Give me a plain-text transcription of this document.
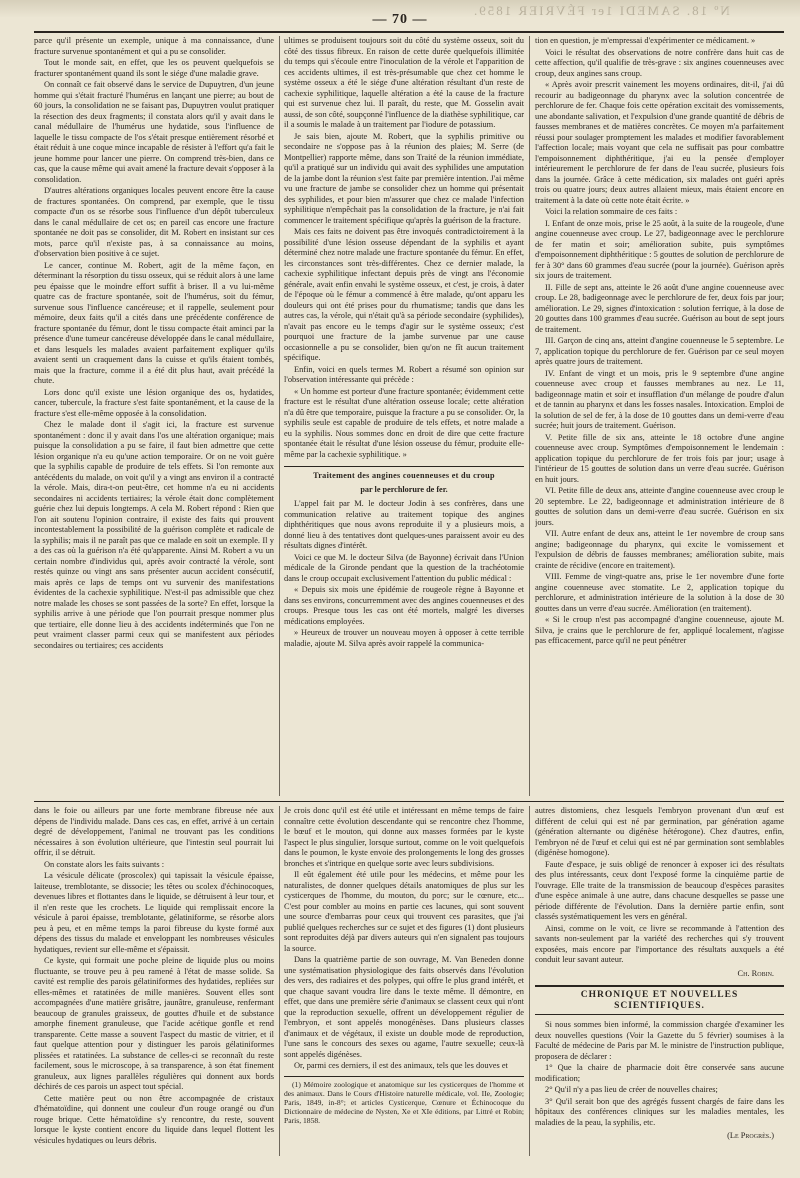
Nº 18. SAMEDI 1er FÉVRIER 1859.
— 70 —

parce qu'il présente un exemple, unique à ma connaissance, d'une fracture survenue spontanément et qui a pu se consolider.

Tout le monde sait, en effet, que les os peuvent quelquefois se fracturer spontanément quand ils sont le siége d'une maladie grave.

On connaît ce fait observé dans le service de Dupuytren, d'un jeune homme qui s'était fracturé l'humérus en lançant une pierre; au bout de 60 jours, la consolidation ne se faisant pas, Dupuytren voulut pratiquer la résection des deux fragments; il constata alors qu'il y avait dans le canal médullaire de l'humérus une hydatide, sous l'influence de laquelle le tissu compacte de l'os s'était presque entièrement résorbé et était réduit à une coque mince incapable de résister à l'effort qu'a fait le jeune homme pour lancer une pierre. On comprend très-bien, dans ce cas, que la cause même qui avait amené la fracture devait s'opposer à la consolidation.

D'autres altérations organiques locales peuvent encore être la cause de fractures spontanées. On comprend, par exemple, que le tissu compacte d'un os se résorbe sous l'influence d'un dépôt tuberculeux dans le canal médullaire de cet os; en pareil cas encore une fracture spontanée ne doit pas se consolider, dit M. Robert en insistant sur ces mots, parce qu'il n'existe pas, à sa connaissance au moins, d'observation bien positive à ce sujet.

Le cancer, continue M. Robert, agit de la même façon, en déterminant la résorption du tissu osseux, qui se réduit alors à une lame peu épaisse que le moindre effort suffit à briser. Il a vu lui-même quatre cas de fracture spontanée, soit de l'humérus, soit du fémur, survenue sous l'influence cancéreuse; et il rappelle, seulement pour mémoire, deux faits qu'il a cités dans une précédente conférence de fracture spontanée du fémur, dont le tissu compacte était aminci par la présence d'une tumeur cancéreuse développée dans le canal médullaire, et dans lesquels les malades avaient parfaitement expliquer qu'ils avaient senti un craquement dans la cuisse et qu'ils étaient tombés, mais que la fracture, comme il a été dit plus haut, avait précédé la chute.

Lors donc qu'il existe une lésion organique des os, hydatides, cancer, tubercule, la fracture s'est faite spontanément, et la cause de la fracture s'est elle-même opposée à la consolidation.

Chez le malade dont il s'agit ici, la fracture est survenue spontanément : donc il y avait dans l'os une altération organique; mais puisque la consolidation a pu se faire, il faut bien admettre que cette lésion organique n'a eu qu'une action temporaire. Or on ne voit guère que la syphilis capable de produire de tels effets. Si l'on remonte aux antécédents du malade, on voit qu'il y a vingt ans environ il a contracté la vérole. Mais, dira-t-on peut-être, cet homme n'a eu ni accidents secondaires ni accidents tertiaires; la vérole était donc complètement guérie chez lui depuis longtemps. A cela M. Robert répond : Rien que l'on ait soutenu l'opinion contraire, il existe des faits qui prouvent incontestablement la possibilité de la guérison complète et radicale de la syphilis; mais il ne paraît pas que ce malade en soit un exemple. Il y a des cas où la guérison n'a été qu'apparente. Ainsi M. Robert a vu un certain nombre d'individus qui, après avoir contracté la vérole, sont restés quinze ou vingt ans sans présenter aucun accident consécutif, mais après ce laps de temps ont vu survenir des manifestations évidentes de la cachexie syphilitique. N'est-il pas admissible que chez notre malade les choses se sont passées de la sorte? En effet, lorsque la syphilis arrive à une période que l'on pourrait presque nommer plus que tertiaire, elle donne lieu à des accidents indéterminés que l'on ne peut vraiment classer parmi ceux qui se manifestent aux périodes secondaires ou tertiaires; ces accidents

ultimes se produisent toujours soit du côté du système osseux, soit du côté des tissus fibreux. En raison de cette durée quelquefois illimitée du temps qui s'écoule entre l'inoculation de la vérole et l'apparition de ces accidents ultimes, il est très-présumable que chez cet homme le système osseux a été le siége d'une altération résultant d'un reste de cachexie syphilitique, laquelle altération a été la cause de la fracture qui est survenue chez lui. Il paraît, du reste, que M. Gosselin avait aussi, de son côté, soupçonné l'influence de la diathèse syphilitique, car il a soumis le malade à un traitement par l'iodure de potassium.

Je sais bien, ajoute M. Robert, que la syphilis primitive ou secondaire ne s'oppose pas à la réunion des plaies; M. Serre (de Montpellier) rapporte même, dans son Traité de la réunion immédiate, qu'il a pratiqué sur un individu qui avait des syphilides une amputation de la jambe dont la réunion s'est faite par première intention. J'ai même vu une fracture de jambe se consolider chez un homme qui présentait des syphilides, et pour bien m'assurer que chez ce malade l'infection syphilitique n'empêchait pas la consolidation de la fracture, je n'ai fait commencer le traitement spécifique qu'après la guérison de la fracture.

Mais ces faits ne doivent pas être invoqués contradictoirement à la possibilité d'une lésion osseuse dépendant de la syphilis et ayant déterminé chez notre malade une fracture spontanée du fémur. En effet, les circonstances sont très-différentes. Chez ce dernier malade, la cachexie syphilitique infectant depuis près de vingt ans l'économie générale, avait enfin envahi le système osseux, et c'est, je crois, à dater de l'époque où le fémur a commencé à être malade, qu'ont apparu les douleurs qui ont été prises pour du rhumatisme; tandis que dans les autres cas, la vérole, qui n'était qu'à sa période secondaire (syphilides), n'avait pas encore eu le temps d'agir sur le système osseux; c'est pourquoi une fracture de la jambe survenue par une cause occasionnelle a pu se consolider, bien qu'on ne fît aucun traitement spécifique.

Enfin, voici en quels termes M. Robert a résumé son opinion sur l'observation intéressante qui précède :

« Un homme est porteur d'une fracture spontanée; évidemment cette fracture est le résultat d'une altération osseuse locale; cette altération n'a dû être que temporaire, puisque la fracture a pu se consolider. Or, la syphilis seule est capable de produire de tels effets, et notre malade a eu la syphilis. Nous sommes donc en droit de dire que cette fracture spontanée était le résultat d'une lésion osseuse du fémur, produite elle-même par la cachexie syphilitique. »

Traitement des angines couenneuses et du croup
par le perchlorure de fer.

L'appel fait par M. le docteur Jodin à ses confrères, dans une communication relative au traitement topique des angines diphthéritiques que nous avons reproduite il y a plusieurs mois, a donné lieu à des tentatives dont quelques-unes paraissent avoir eu des résultats dignes d'intérêt.

Voici ce que M. le docteur Silva (de Bayonne) écrivait dans l'Union médicale de la Gironde pendant que la question de la trachéotomie dans le croup occupait exclusivement l'attention du public médical :

« Depuis six mois une épidémie de rougeole règne à Bayonne et dans ses environs, concurremment avec des angines couenneuses et des croups. Presque tous les cas ont été mortels, malgré les diverses médications employées.

» Heureux de trouver un nouveau moyen à opposer à cette terrible maladie, ajoute M. Silva après avoir rappelé la communica-

tion en question, je m'empressai d'expérimenter ce médicament. »

Voici le résultat des observations de notre confrère dans huit cas de cette affection, qu'il qualifie de très-grave : six angines couenneuses avec croup, deux angines sans croup.

« Après avoir prescrit vainement les moyens ordinaires, dit-il, j'ai dû recourir au badigeonnage du pharynx avec la solution concentrée de perchlorure de fer. Chaque fois cette opération excitait des vomissements, une abondante salivation, et l'expulsion d'une grande quantité de débris de fausses membranes et de matières concrètes. Ce moyen m'a parfaitement réussi pour soulager promptement les malades et modifier favorablement l'affection locale; mais voyant que cela ne suffisait pas pour combattre l'empoisonnement diphthéritique, j'ai eu la pensée d'employer intérieurement le perchlorure de fer dans de l'eau sucrée, plusieurs fois dans la journée. Grâce à cette médication, six malades ont guéri après trois ou quatre jours; deux autres allaient mieux, mais étaient encore en traitement à la date où cette note était écrite. »

Voici la relation sommaire de ces faits :

I. Enfant de onze mois, prise le 25 août, à la suite de la rougeole, d'une angine couenneuse avec croup. Le 27, badigeonnage avec le perchlorure de fer matin et soir; amélioration subite, puis symptômes d'empoisonnement diphthéritique : 5 gouttes de solution de perchlorure de fer à 30° dans 60 grammes d'eau sucrée (pour la journée). Guérison après six jours de traitement.

II. Fille de sept ans, atteinte le 26 août d'une angine couenneuse avec croup. Le 28, badigeonnage avec le perchlorure de fer, deux fois par jour; amélioration. Le 29, signes d'intoxication : solution ferrique, à la dose de 20 gouttes dans 100 grammes d'eau sucrée. Guérison au bout de sept jours de traitement.

III. Garçon de cinq ans, atteint d'angine couenneuse le 5 septembre. Le 7, application topique du perchlorure de fer. Guérison par ce seul moyen après quatre jours de traitement.

IV. Enfant de vingt et un mois, pris le 9 septembre d'une angine couenneuse avec croup et fausses membranes au nez. Le 11, badigeonnage matin et soir et insufflation d'un mélange de poudre d'alun et de tannin au pharynx et dans les fosses nasales. Intoxication. Emploi de la solution de sel de fer, à la dose de 10 gouttes dans un demi-verre d'eau sucrée; huit jours de traitement. Guérison.

V. Petite fille de six ans, atteinte le 18 octobre d'une angine couenneuse avec croup. Symptômes d'empoisonnement le lendemain : application topique du perchlorure de fer trois fois par jour; usage à l'intérieur de 15 gouttes de solution dans un verre d'eau sucrée. Guérison en huit jours.

VI. Petite fille de deux ans, atteinte d'angine couenneuse avec croup le 20 septembre. Le 22, badigeonnage et administration intérieure de 8 gouttes de solution dans un demi-verre d'eau sucrée. Guérison en six jours.

VII. Autre enfant de deux ans, atteint le 1er novembre de croup sans angine; badigeonnage du pharynx, qui excite le vomissement et l'expulsion de débris de fausses membranes; amélioration subite, mais crainte de récidive (encore en traitement).

VIII. Femme de vingt-quatre ans, prise le 1er novembre d'une forte angine couenneuse avec stomatite. Le 2, application topique du perchlorure, et administration intérieure de la solution à la dose de 30 gouttes dans un verre d'eau sucrée. Amélioration (en traitement).

« Si le croup n'est pas accompagné d'angine couenneuse, ajoute M. Silva, je crains que le perchlorure de fer, appliqué localement, n'agisse pas efficacement, parce qu'il ne peut pénétrer

dans le foie ou ailleurs par une forte membrane fibreuse née aux dépens de l'individu malade. Dans ces cas, en effet, arrivé à un certain degré de développement, l'animal ne trouvant pas les conditions nécessaires à son évolution ultérieure, que l'intestin seul pourrait lui offrir, il se détruit.

On constate alors les faits suivants :

La vésicule délicate (proscolex) qui tapissait la vésicule épaisse, laiteuse, tremblotante, se dissocie; les têtes ou scolex d'échinocoques, devenues libres et flottantes dans le liquide, se détruisent à leur tour, et il n'en reste que les crochets. Le liquide qui remplissait encore la vésicule à paroi épaisse, tremblotante, gélatiniforme, se résorbe alors peu à peu, et en même temps la paroi fibreuse du kyste formé aux dépens des tissus du malade et enveloppant les nombreuses vésicules hydatiques, revient sur elle-même et s'épaissit.

Ce kyste, qui formait une poche pleine de liquide plus ou moins fluctuante, se trouve peu à peu ramené à l'état de masse solide. Sa cavité est remplie des parois gélatiniformes des hydatides, repliées sur elles-mêmes et ratatinées de mille manières. Souvent elles sont accompagnées d'une matière grisâtre, jaunâtre, granuleuse, renfermant beaucoup de granules graisseux, de gouttes d'huile et de substance amorphe finement granuleuse, que l'acide acétique gonfle et rend transparente. Cette masse a souvent l'aspect du mastic de vitrier, et il faut quelque attention pour y distinguer les parois gélatiniformes plissées et ratatinées. La substance de celles-ci se reconnaît du reste facilement, sous le microscope, à sa transparence, à son état finement granuleux, aux lignes parallèles régulières qui donnent aux bords déchirés de ces parois un aspect tout spécial.

Cette matière peut ou non être accompagnée de cristaux d'hématoïdine, qui donnent une couleur d'un rouge orangé ou d'un rouge brique. Cette hématoïdine s'y rencontre, du reste, souvent lorsque le kyste contient encore du liquide dans lequel flottent les vésicules hydatiques ou leurs débris.

Je crois donc qu'il est été utile et intéressant en même temps de faire connaître cette évolution descendante qui se rencontre chez l'homme, le bœuf et le mouton, qui donne aux masses formées par le kyste l'aspect le plus singulier, lorsque surtout, comme on le voit quelquefois dans le poumon, le kyste envoie des prolongements le long des grosses bronches et s'intrique en quelque sorte avec leurs subdivisions.

Il eût également été utile pour les médecins, et même pour les naturalistes, de donner quelques détails anatomiques de plus sur les cysticerques de l'homme, du mouton, du porc; sur le cœnure, etc... C'est pour combler au moins en partie ces lacunes, qui sont souvent une source d'embarras pour ceux qui trouvent ces parasites, que j'ai publié quelques recherches sur ce sujet et des figures (1) dont plusieurs sont reproduites déjà par divers auteurs qui n'en signalent pas toujours la source.

Dans la quatrième partie de son ouvrage, M. Van Beneden donne une systématisation physiologique des faits observés dans l'évolution des vers, des radiaires et des polypes, qui offre le plus grand intérêt, et que chaque savant voudra lire dans le texte même. Il démontre, en effet, que dans une première série d'animaux se classent ceux qui n'ont que la reproduction sexuelle, offrent un développement régulier de l'embryon, et sont appelés monogénèses. Dans plusieurs classes d'animaux et de végétaux, il existe un double mode de reproduction, l'une sans le concours des sexes ou agame, l'autre sexuelle; ceux-là sont appelés digénèses.

Or, parmi ces derniers, il est des animaux, tels que les douves et

(1) Mémoire zoologique et anatomique sur les cysticerques de l'homme et des animaux. Dans le Cours d'Histoire naturelle médicale, vol. IIe, Zoologie; Paris, 1849, in-8°; et articles Cysticerque, Cœnure et Échinocoque du Dictionnaire de médecine de Nysten, Xe et XIe éditions, par Littré et Robin; Paris, 1858.

autres distomiens, chez lesquels l'embryon provenant d'un œuf est différent de celui qui est né par germination, par génération agame (génération alternante ou digénèse hétérogone). Chez d'autres, enfin, l'embryon né de l'œuf et celui qui est né par germination sont semblables (digénèse homogone).

Faute d'espace, je suis obligé de renoncer à exposer ici des résultats des plus intéressants, ceux dont l'exposé forme la cinquième partie de l'ouvrage. Elle traite de la transmission de beaucoup d'espèces parasites d'une espèce animale à une autre, dans chacune desquelles se passe une période différente de l'évolution. Dans la dernière partie enfin, sont classés systématiquement les vers en général.

Ainsi, comme on le voit, ce livre se recommande à l'attention des savants non-seulement par la variété des recherches qui s'y trouvent exposées, mais encore par l'importance des résultats auxquels a été conduit leur savant auteur.

Ch. Robin.
CHRONIQUE ET NOUVELLES SCIENTIFIQUES.

Si nous sommes bien informé, la commission chargée d'examiner les deux nouvelles questions (Voir la Gazette du 5 février) soumises à la Faculté de médecine de Paris par M. le ministre de l'instruction publique, proposera de déclarer :

1° Que la chaire de pharmacie doit être conservée sans aucune modification;

2° Qu'il n'y a pas lieu de créer de nouvelles chaires;

3° Qu'il serait bon que des agrégés fussent chargés de faire dans les hôpitaux des conférences cliniques sur les maladies mentales, les maladies de la peau, la syphilis, etc.

(Le Progrès.)
